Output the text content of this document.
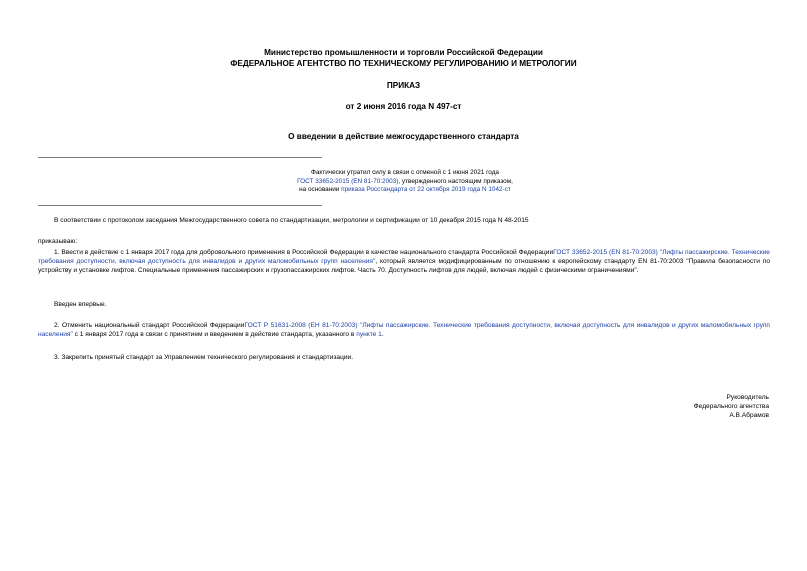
Министерство промышленности и торговли Российской Федерации
ФЕДЕРАЛЬНОЕ АГЕНТСТВО ПО ТЕХНИЧЕСКОМУ РЕГУЛИРОВАНИЮ И МЕТРОЛОГИИ
ПРИКАЗ
от 2 июня 2016 года N 497-ст
О введении в действие межгосударственного стандарта
Фактически утратил силу в связи с отменой с 1 июня 2021 года
ГОСТ 33652-2015 (EN 81-70:2003), утвержденного настоящим приказом,
на основании приказа Росстандарта от 22 октября 2019 года N 1042-ст
В соответствии с протоколом заседания Межгосударственного совета по стандартизации, метрологии и сертификации от 10 декабря 2015 года N 48-2015
приказываю:
1. Ввести в действие с 1 января 2017 года для добровольного применения в Российской Федерации в качестве национального стандарта Российской ФедерацииГОСТ 33652-2015 (EN 81-70:2003) "Лифты пассажирские. Технические требования доступности, включая доступность для инвалидов и других маломобильных групп населения", который является модифицированным по отношению к европейскому стандарту EN 81-70:2003 "Правила безопасности по устройству и установке лифтов. Специальные применения пассажирских и грузопассажирских лифтов. Часть 70. Доступность лифтов для людей, включая людей с физическими ограничениями".
Введен впервые.
2. Отменить национальный стандарт Российской ФедерацииГОСТ Р 51631-2008 (ЕН 81-70:2003) "Лифты пассажирские. Технические требования доступности, включая доступность для инвалидов и других маломобильных групп населения" с 1 января 2017 года в связи с принятием и введением в действие стандарта, указанного в пункте 1.
3. Закрепить принятый стандарт за Управлением технического регулирования и стандартизации.
Руководитель
Федерального агентства
А.В.Абрамов
